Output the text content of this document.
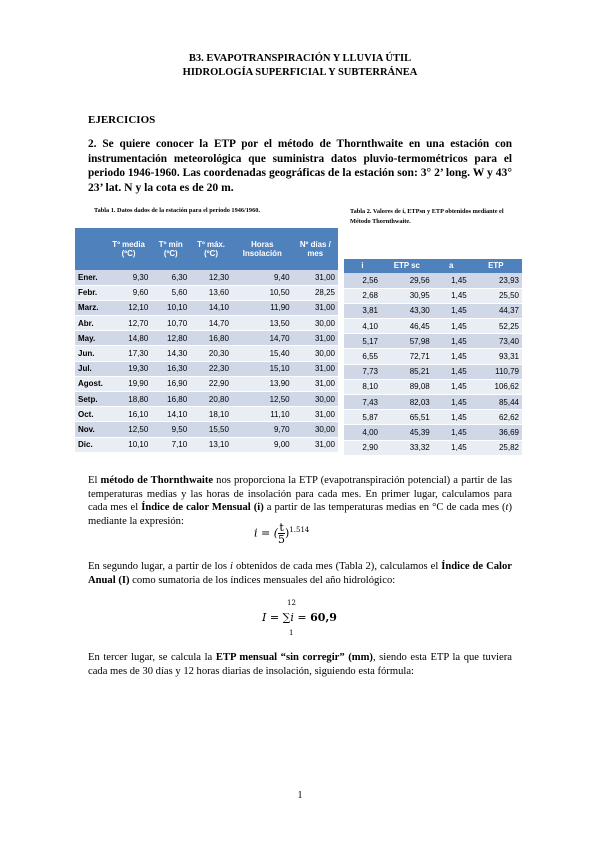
B3. EVAPOTRANSPIRACIÓN Y LLUVIA ÚTIL
HIDROLOGÍA SUPERFICIAL Y SUBTERRÁNEA
EJERCICIOS
2. Se quiere conocer la ETP por el método de Thornthwaite en una estación con instrumentación meteorológica que suministra datos pluvio-termométricos para el periodo 1946-1960. Las coordenadas geográficas de la estación son: 3° 2’ long. W y 43° 23’ lat. N y la cota es de 20 m.
Tabla 1. Datos dados de la estación para el periodo 1946/1960.	Tabla 2. Valores de i, ETPsn y ETP obtenidos mediante el Método Thornthwaite.
	Tº media (ºC)	Tº min (ºC)	Tº máx. (ºC)	Horas Insolación	Nº días / mes
Ener.	9,30	6,30	12,30	9,40	31,00
Febr.	9,60	5,60	13,60	10,50	28,25
Marz.	12,10	10,10	14,10	11,90	31,00
Abr.	12,70	10,70	14,70	13,50	30,00
May.	14,80	12,80	16,80	14,70	31,00
Jun.	17,30	14,30	20,30	15,40	30,00
Jul.	19,30	16,30	22,30	15,10	31,00
Agost.	19,90	16,90	22,90	13,90	31,00
Setp.	18,80	16,80	20,80	12,50	30,00
Oct.	16,10	14,10	18,10	11,10	31,00
Nov.	12,50	9,50	15,50	9,70	30,00
Dic.	10,10	7,10	13,10	9,00	31,00
i	ETP sc	a	ETP
2,56	29,56	1,45	23,93
2,68	30,95	1,45	25,50
3,81	43,30	1,45	44,37
4,10	46,45	1,45	52,25
5,17	57,98	1,45	73,40
6,55	72,71	1,45	93,31
7,73	85,21	1,45	110,79
8,10	89,08	1,45	106,62
7,43	82,03	1,45	85,44
5,87	65,51	1,45	62,62
4,00	45,39	1,45	36,69
2,90	33,32	1,45	25,82
El método de Thornthwaite nos proporciona la ETP (evapotranspiración potencial) a partir de las temperaturas medias y las horas de insolación para cada mes. En primer lugar, calculamos para cada mes el Índice de calor Mensual (i) a partir de las temperaturas medias en °C de cada mes (t) mediante la expresión:
i = ( $\frac{t}{5} )^{1.514}$
En segundo lugar, a partir de los i obtenidos de cada mes (Tabla 2), calculamos el Índice de Calor Anual (I) como sumatoria de los índices mensuales del año hidrológico:
12
I = ∑i = 60,9
1
En tercer lugar, se calcula la ETP mensual “sin corregir” (mm), siendo esta ETP la que tuviera cada mes de 30 días y 12 horas diarias de insolación, siguiendo esta fórmula:
1
